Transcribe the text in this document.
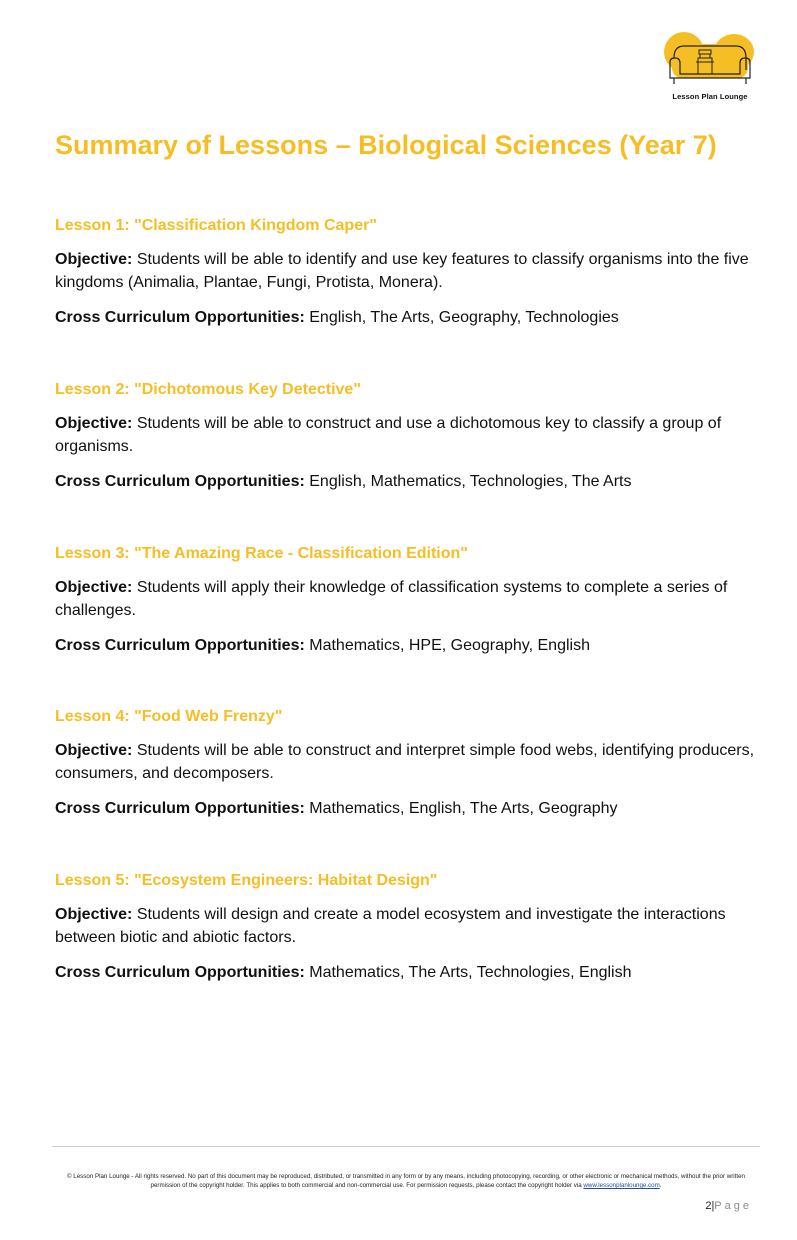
Lesson Plan Lounge
Summary of Lessons – Biological Sciences (Year 7)
Lesson 1: "Classification Kingdom Caper"

Objective: Students will be able to identify and use key features to classify organisms into the five kingdoms (Animalia, Plantae, Fungi, Protista, Monera).

Cross Curriculum Opportunities: English, The Arts, Geography, Technologies

Lesson 2: "Dichotomous Key Detective"

Objective: Students will be able to construct and use a dichotomous key to classify a group of organisms.

Cross Curriculum Opportunities: English, Mathematics, Technologies, The Arts

Lesson 3: "The Amazing Race - Classification Edition"

Objective: Students will apply their knowledge of classification systems to complete a series of challenges.

Cross Curriculum Opportunities: Mathematics, HPE, Geography, English

Lesson 4: "Food Web Frenzy"

Objective: Students will be able to construct and interpret simple food webs, identifying producers, consumers, and decomposers.

Cross Curriculum Opportunities: Mathematics, English, The Arts, Geography

Lesson 5: "Ecosystem Engineers: Habitat Design"

Objective: Students will design and create a model ecosystem and investigate the interactions between biotic and abiotic factors.

Cross Curriculum Opportunities: Mathematics, The Arts, Technologies, English

© Lesson Plan Lounge - All rights reserved. No part of this document may be reproduced, distributed, or transmitted in any form or by any means, including photocopying, recording, or other electronic or mechanical methods, without the prior written permission of the copyright holder. This applies to both commercial and non-commercial use. For permission requests, please contact the copyright holder via www.lessonplanlounge.com.
2|Page
